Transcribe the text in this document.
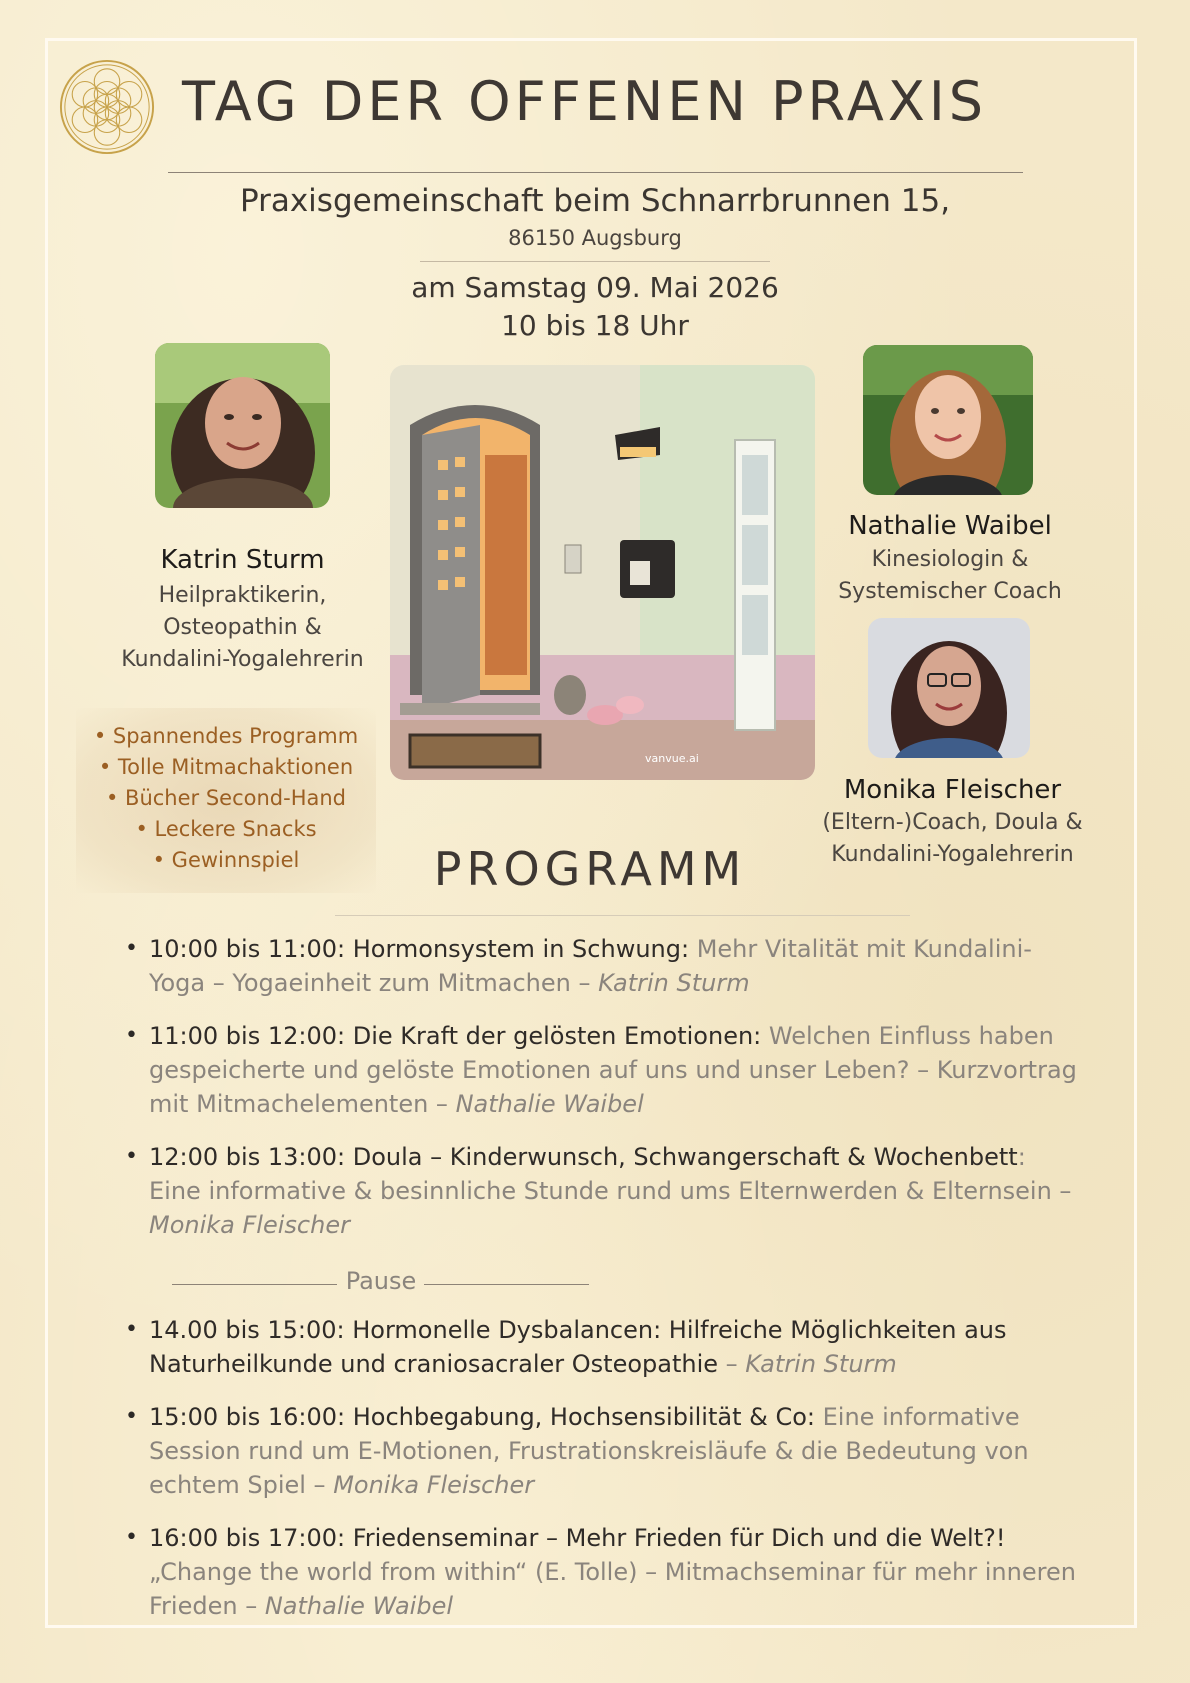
TAG DER OFFENEN PRAXIS
Praxisgemeinschaft beim Schnarrbrunnen 15,
86150 Augsburg
am Samstag 09. Mai 2026
10 bis 18 Uhr
Katrin Sturm
Heilpraktikerin,
Osteopathin &
Kundalini-Yogalehrerin
• Spannendes Programm
• Tolle Mitmachaktionen
• Bücher Second-Hand
• Leckere Snacks
• Gewinnspiel
vanvue.ai
Nathalie Waibel
Kinesiologin &
Systemischer Coach
Monika Fleischer
(Eltern-)Coach, Doula &
Kundalini-Yogalehrerin
PROGRAMM
• 10:00 bis 11:00: Hormonsystem in Schwung: Mehr Vitalität mit Kundalini- Yoga – Yogaeinheit zum Mitmachen – Katrin Sturm
• 11:00 bis 12:00: Die Kraft der gelösten Emotionen: Welchen Einfluss haben gespeicherte und gelöste Emotionen auf uns und unser Leben? – Kurzvortrag mit Mitmachelementen – Nathalie Waibel
• 12:00 bis 13:00: Doula – Kinderwunsch, Schwangerschaft & Wochenbett: Eine informative & besinnliche Stunde rund ums Elternwerden & Elternsein – Monika Fleischer
Pause
• 14.00 bis 15:00: Hormonelle Dysbalancen: Hilfreiche Möglichkeiten aus Naturheilkunde und craniosacraler Osteopathie – Katrin Sturm
• 15:00 bis 16:00: Hochbegabung, Hochsensibilität & Co: Eine informative Session rund um E-Motionen, Frustrationskreisläufe & die Bedeutung von echtem Spiel – Monika Fleischer
• 16:00 bis 17:00: Friedenseminar – Mehr Frieden für Dich und die Welt?! „Change the world from within“ (E. Tolle) – Mitmachseminar für mehr inneren Frieden – Nathalie Waibel
